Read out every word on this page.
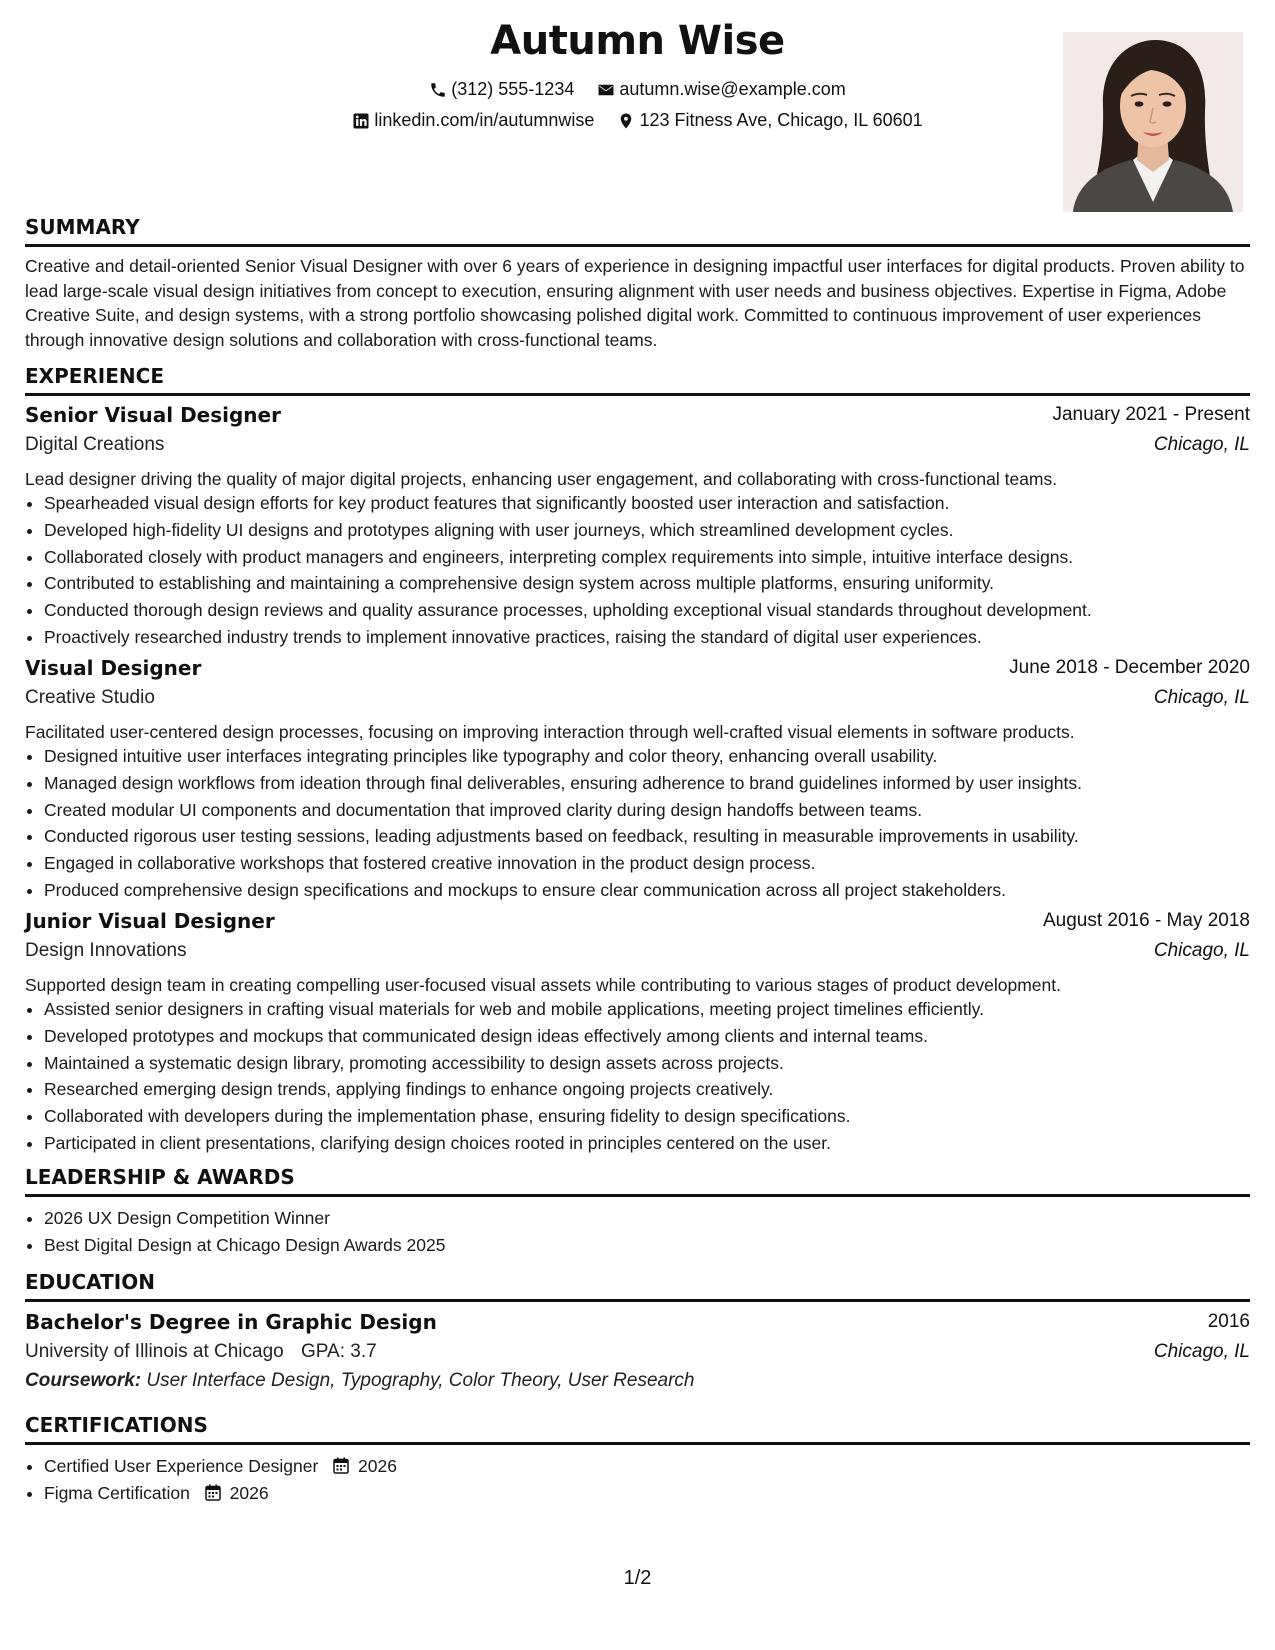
Autumn Wise
(312) 555-1234
	autumn.wise@example.com
linkedin.com/in/autumnwise
	123 Fitness Ave, Chicago, IL 60601
SUMMARY
Creative and detail-oriented Senior Visual Designer with over 6 years of experience in designing impactful user interfaces for digital products. Proven ability to lead large-scale visual design initiatives from concept to execution, ensuring alignment with user needs and business objectives. Expertise in Figma, Adobe Creative Suite, and design systems, with a strong portfolio showcasing polished digital work. Committed to continuous improvement of user experiences through innovative design solutions and collaboration with cross-functional teams.
EXPERIENCE
Senior Visual Designer	January 2021 - Present
Digital Creations	Chicago, IL
Lead designer driving the quality of major digital projects, enhancing user engagement, and collaborating with cross-functional teams.
• Spearheaded visual design efforts for key product features that significantly boosted user interaction and satisfaction.
• Developed high-fidelity UI designs and prototypes aligning with user journeys, which streamlined development cycles.
• Collaborated closely with product managers and engineers, interpreting complex requirements into simple, intuitive interface designs.
• Contributed to establishing and maintaining a comprehensive design system across multiple platforms, ensuring uniformity.
• Conducted thorough design reviews and quality assurance processes, upholding exceptional visual standards throughout development.
• Proactively researched industry trends to implement innovative practices, raising the standard of digital user experiences.
Visual Designer	June 2018 - December 2020
Creative Studio	Chicago, IL
Facilitated user-centered design processes, focusing on improving interaction through well-crafted visual elements in software products.
• Designed intuitive user interfaces integrating principles like typography and color theory, enhancing overall usability.
• Managed design workflows from ideation through final deliverables, ensuring adherence to brand guidelines informed by user insights.
• Created modular UI components and documentation that improved clarity during design handoffs between teams.
• Conducted rigorous user testing sessions, leading adjustments based on feedback, resulting in measurable improvements in usability.
• Engaged in collaborative workshops that fostered creative innovation in the product design process.
• Produced comprehensive design specifications and mockups to ensure clear communication across all project stakeholders.
Junior Visual Designer	August 2016 - May 2018
Design Innovations	Chicago, IL
Supported design team in creating compelling user-focused visual assets while contributing to various stages of product development.
• Assisted senior designers in crafting visual materials for web and mobile applications, meeting project timelines efficiently.
• Developed prototypes and mockups that communicated design ideas effectively among clients and internal teams.
• Maintained a systematic design library, promoting accessibility to design assets across projects.
• Researched emerging design trends, applying findings to enhance ongoing projects creatively.
• Collaborated with developers during the implementation phase, ensuring fidelity to design specifications.
• Participated in client presentations, clarifying design choices rooted in principles centered on the user.
LEADERSHIP & AWARDS
• 2026 UX Design Competition Winner
• Best Digital Design at Chicago Design Awards 2025
EDUCATION
Bachelor's Degree in Graphic Design	2016
University of Illinois at Chicago GPA: 3.7	Chicago, IL
Coursework: User Interface Design, Typography, Color Theory, User Research
CERTIFICATIONS
• Certified User Experience Designer 2026
• Figma Certification 2026
1/2
